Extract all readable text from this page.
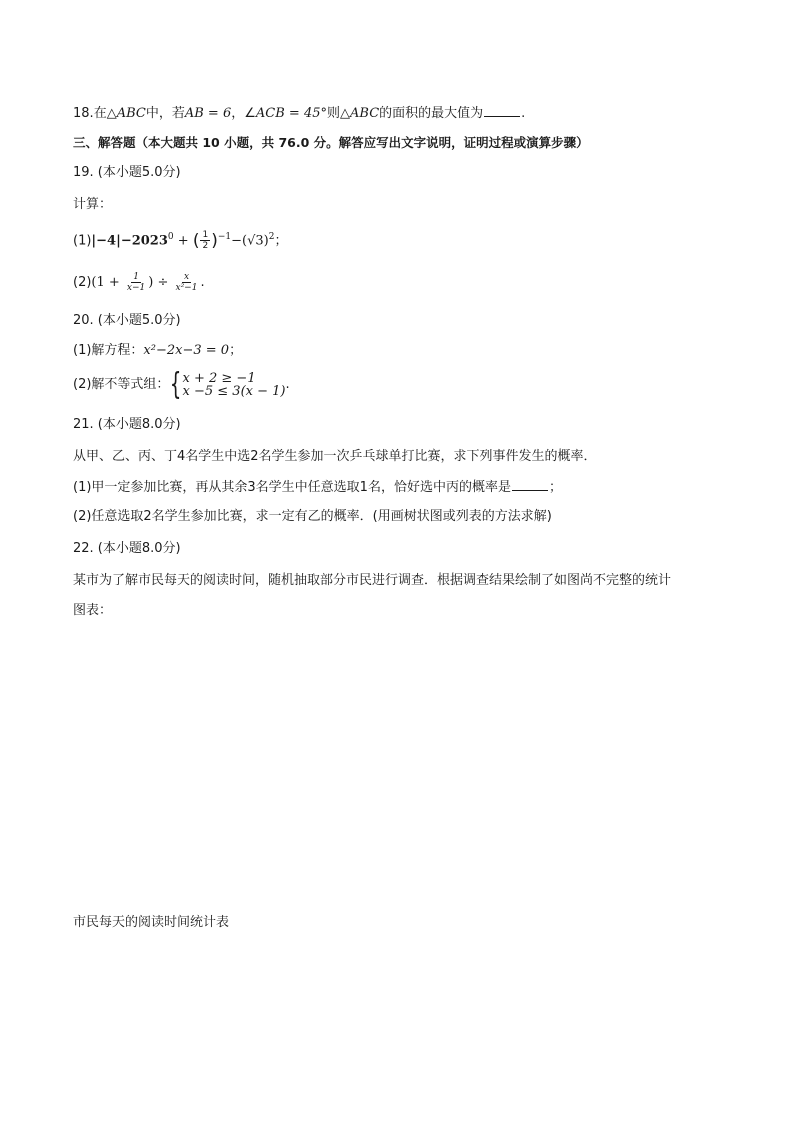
18.在△ABC中，若AB = 6，∠ACB = 45°则△ABC的面积的最大值为	.
三、解答题（本大题共 10 小题，共 76.0 分。解答应写出文字说明，证明过程或演算步骤）
19. (本小题5.0分)
计算：
$(1)|-4|-2023^0$ + ( $\frac{1}{2} )^{-1}-(√3)^2$；
$(2)(1 + \frac{1}{x-1}$ ) ÷ $\frac{x}{\text{x²−1}}$ .
20. (本小题5.0分)
(1)解方程：x²−2x−3 = 0；
(2)解不等式组：{ x + 2 ≥ −1
x −5 ≤ 3(x − 1) .
21. (本小题8.0分)
从甲、乙、丙、丁4名学生中选2名学生参加一次乒乓球单打比赛，求下列事件发生的概率．
(1)甲一定参加比赛，再从其余3名学生中任意选取1名，恰好选中丙的概率是	；
(2)任意选取2名学生参加比赛，求一定有乙的概率．(用画树状图或列表的方法求解)
22. (本小题8.0分)
某市为了解市民每天的阅读时间，随机抽取部分市民进行调查．根据调查结果绘制了如图尚不完整的统计
图表：
市民每天的阅读时间统计表
